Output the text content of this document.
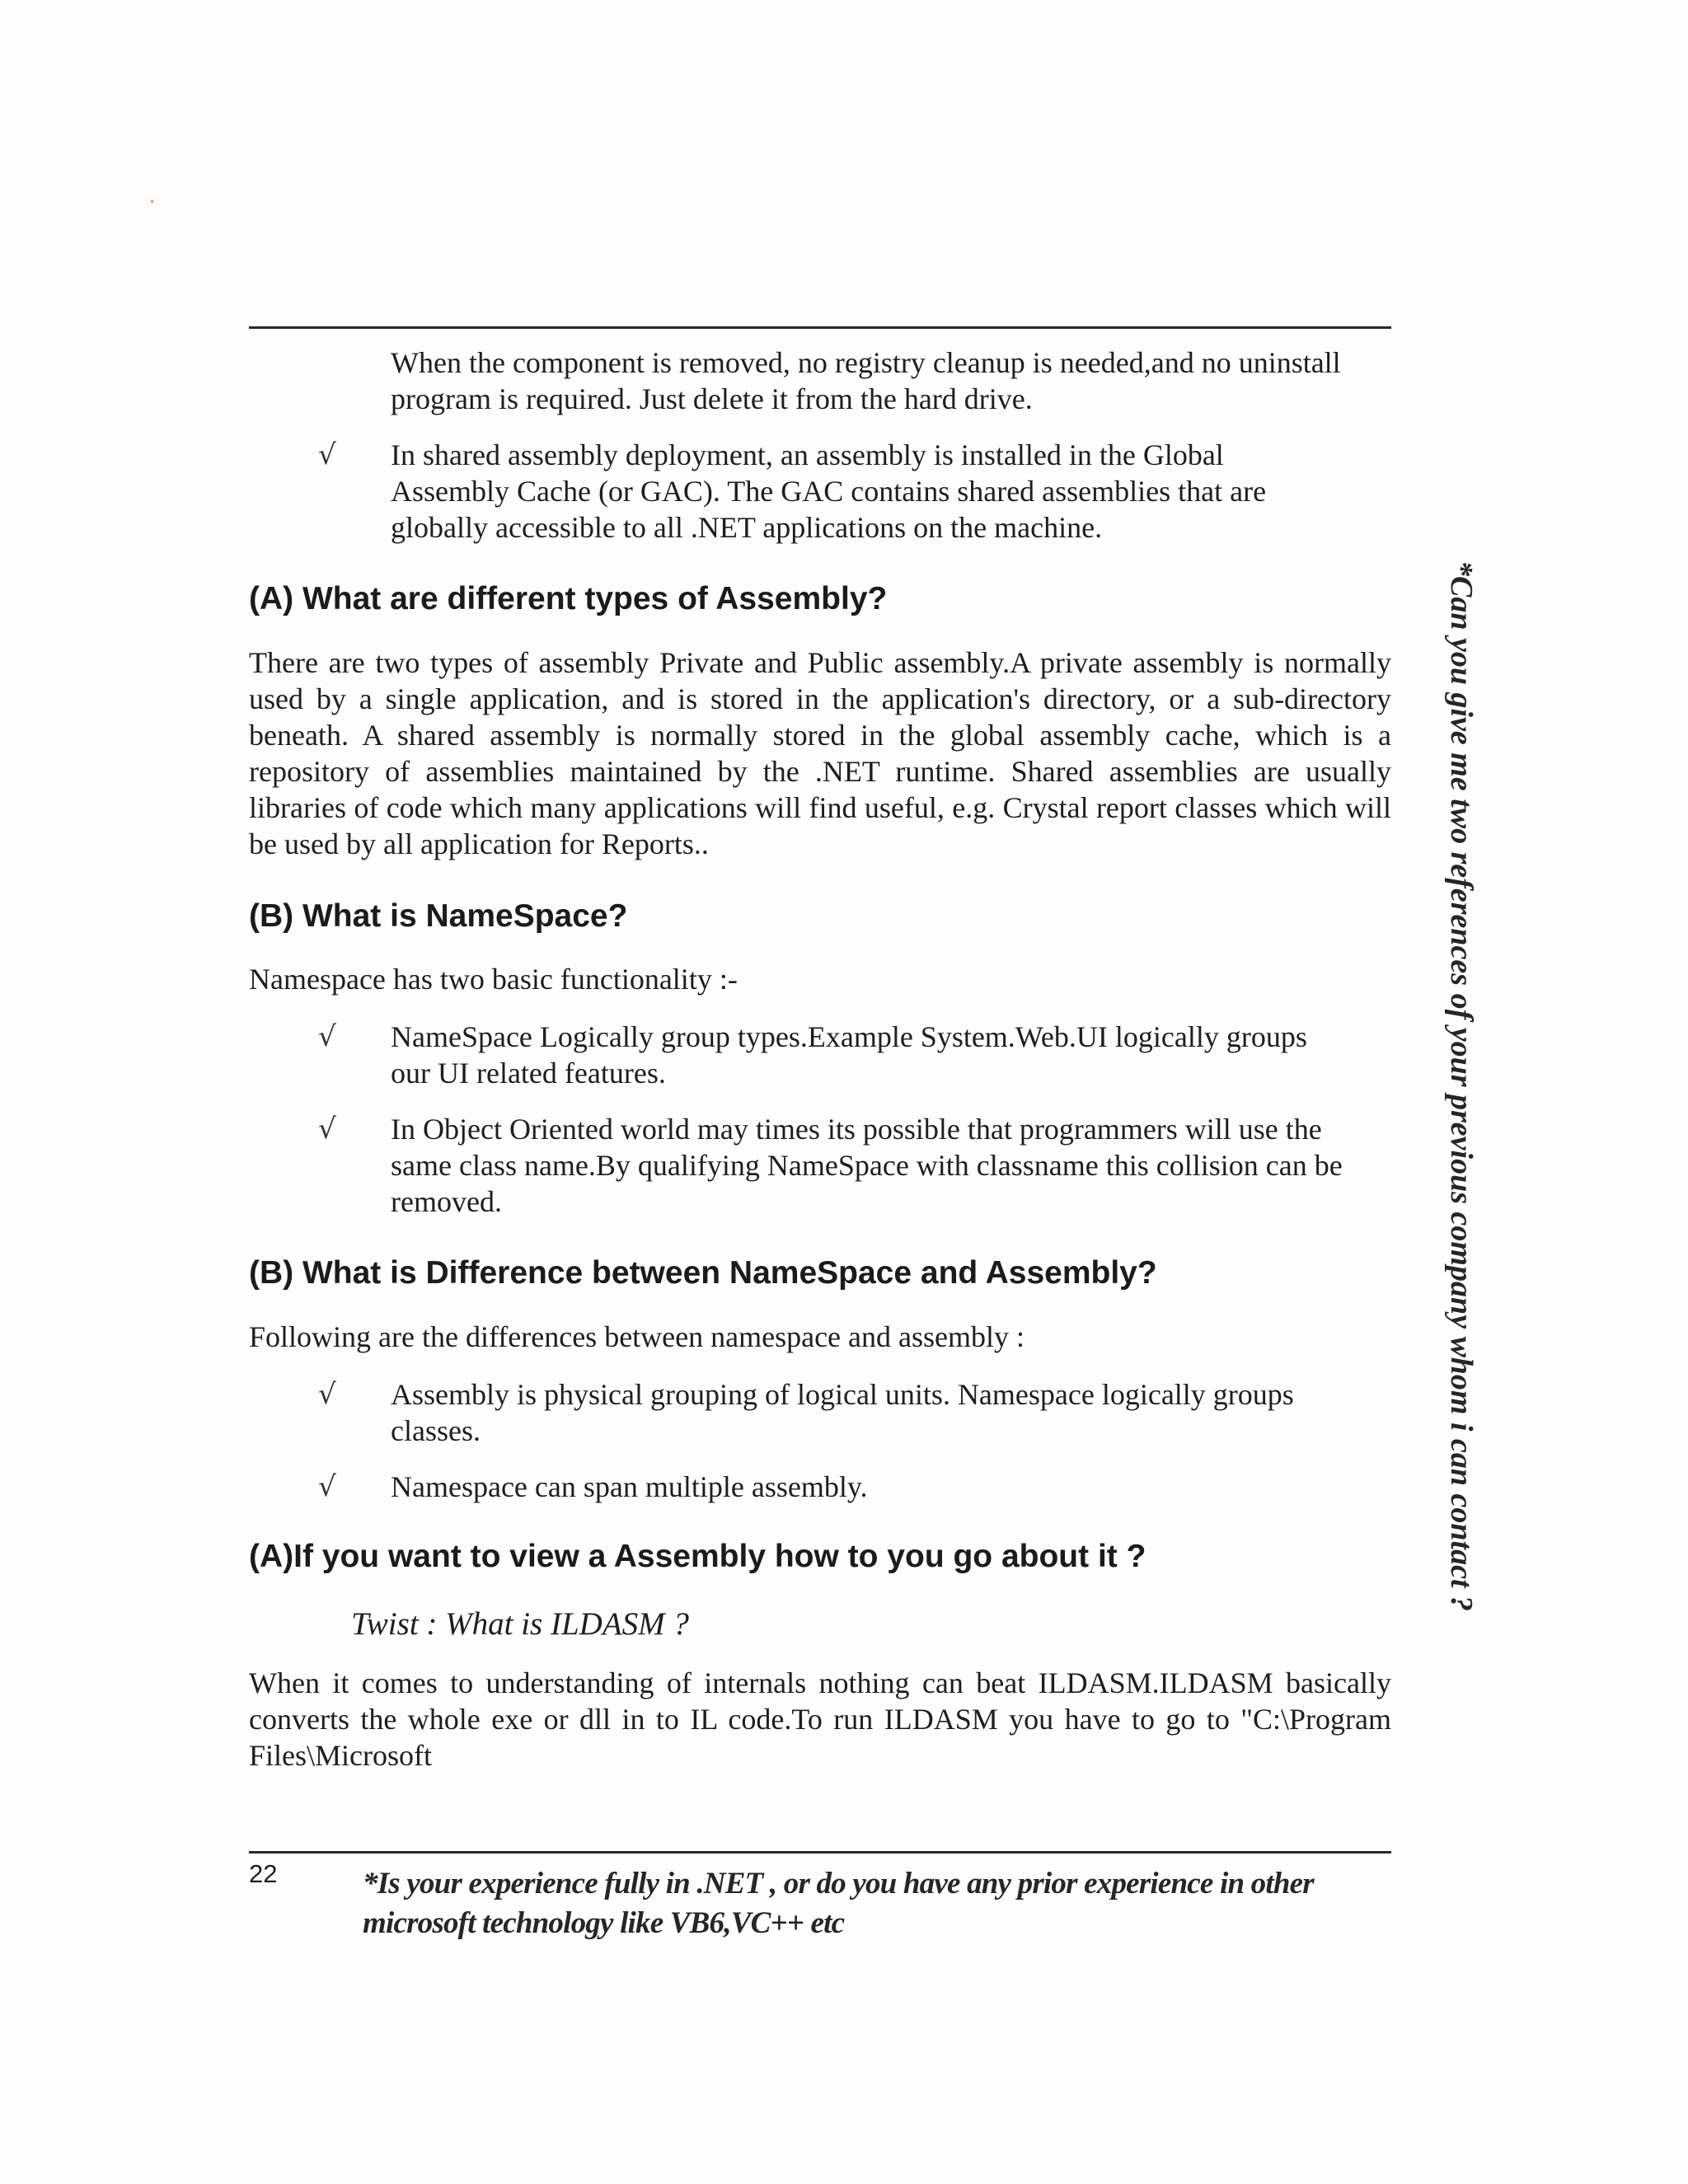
When the component is removed, no registry cleanup is needed,and no uninstall program is required. Just delete it from the hard drive.

√ In shared assembly deployment, an assembly is installed in the Global Assembly Cache (or GAC). The GAC contains shared assemblies that are globally accessible to all .NET applications on the machine.

(A) What are different types of Assembly?

There are two types of assembly Private and Public assembly.A private assembly is normally used by a single application, and is stored in the application's directory, or a sub-directory beneath. A shared assembly is normally stored in the global assembly cache, which is a repository of assemblies maintained by the .NET runtime. Shared assemblies are usually libraries of code which many applications will find useful, e.g. Crystal report classes which will be used by all application for Reports..

(B) What is NameSpace?

Namespace has two basic functionality :-

√ NameSpace Logically group types.Example System.Web.UI logically groups our UI related features.

√ In Object Oriented world may times its possible that programmers will use the same class name.By qualifying NameSpace with classname this collision can be removed.

(B) What is Difference between NameSpace and Assembly?

Following are the differences between namespace and assembly :

√ Assembly is physical grouping of logical units. Namespace logically groups classes.

√ Namespace can span multiple assembly.

(A)If you want to view a Assembly how to you go about it ?

Twist : What is ILDASM ?

When it comes to understanding of internals nothing can beat ILDASM.ILDASM basically converts the whole exe or dll in to IL code.To run ILDASM you have to go to "C:\Program Files\Microsoft

22	*Is your experience fully in .NET , or do you have any prior experience in other microsoft technology like VB6,VC++ etc

*Can you give me two references of your previous company whom i can contact ?
